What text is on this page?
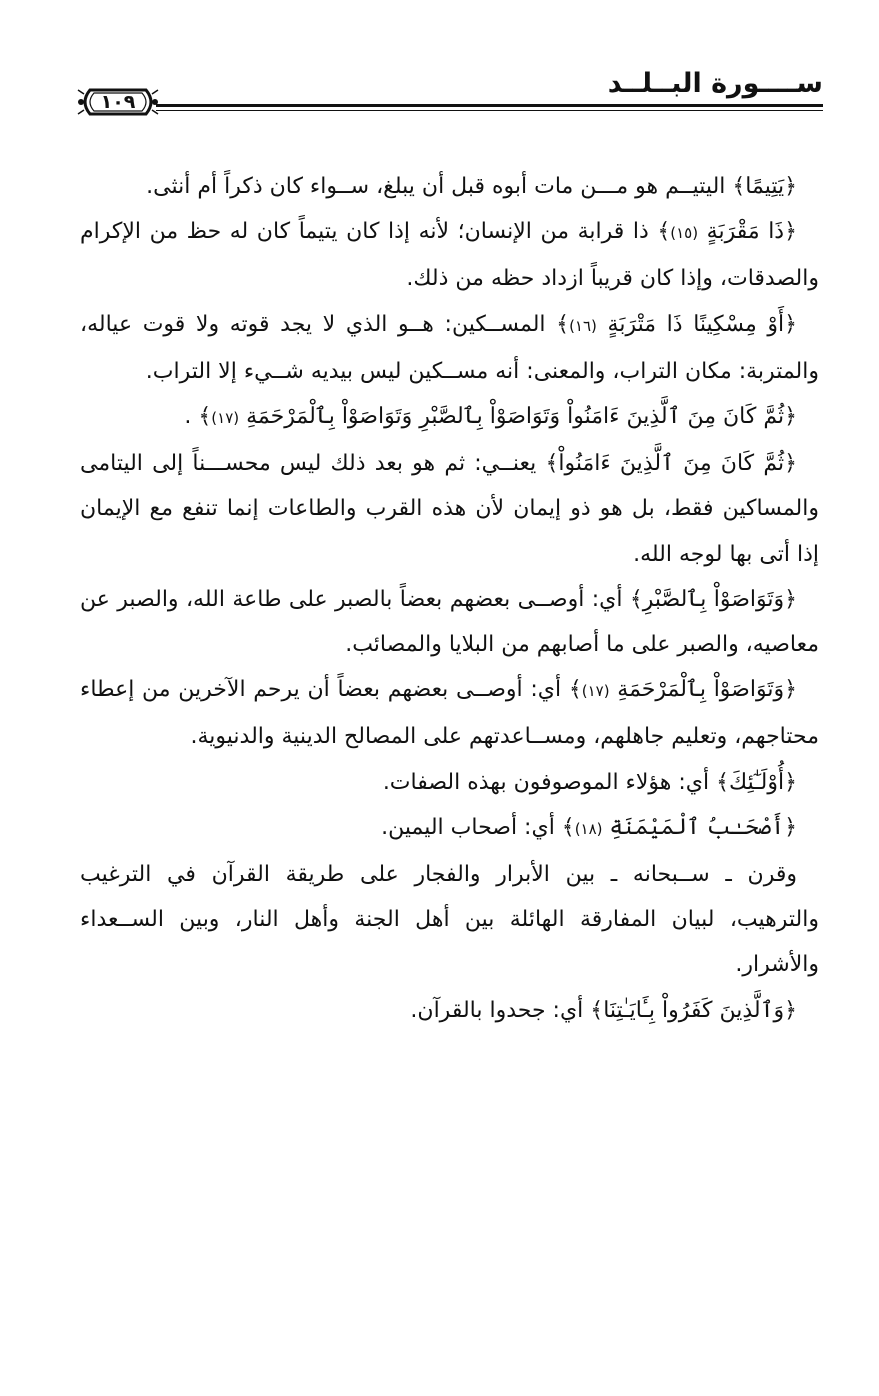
ســــورة البــلــد
١٠٩

﴿يَتِيمًا﴾ اليتيــم هو مـــن مات أبوه قبل أن يبلغ، ســواء كان ذكراً أم أنثى.

﴿ذَا مَقْرَبَةٍ (١٥)﴾ ذا قرابة من الإنسان؛ لأنه إذا كان يتيماً كان له حظ من الإكرام والصدقات، وإذا كان قريباً ازداد حظه من ذلك.

﴿أَوْ مِسْكِينًا ذَا مَتْرَبَةٍ (١٦)﴾ المســكين: هــو الذي لا يجد قوته ولا قوت عياله، والمتربة: مكان التراب، والمعنى: أنه مســكين ليس بيديه شــيء إلا التراب.

﴿ثُمَّ كَانَ مِنَ ٱلَّذِينَ ءَامَنُواْ وَتَوَاصَوْاْ بِٱلصَّبْرِ وَتَوَاصَوْاْ بِٱلْمَرْحَمَةِ (١٧)﴾ .

﴿ثُمَّ كَانَ مِنَ ٱلَّذِينَ ءَامَنُواْ﴾ يعنــي: ثم هو بعد ذلك ليس محســـناً إلى اليتامى والمساكين فقط، بل هو ذو إيمان لأن هذه القرب والطاعات إنما تنفع مع الإيمان إذا أتى بها لوجه الله.

﴿وَتَوَاصَوْاْ بِٱلصَّبْرِ﴾ أي: أوصــى بعضهم بعضاً بالصبر على طاعة الله، والصبر عن معاصيه، والصبر على ما أصابهم من البلايا والمصائب.

﴿وَتَوَاصَوْاْ بِٱلْمَرْحَمَةِ (١٧)﴾ أي: أوصــى بعضهم بعضاً أن يرحم الآخرين من إعطاء محتاجهم، وتعليم جاهلهم، ومســاعدتهم على المصالح الدينية والدنيوية.

﴿أُوْلَـٰٓئِكَ﴾ أي: هؤلاء الموصوفون بهذه الصفات.

﴿أَصْحَـٰبُ ٱلْمَيْمَنَةِ (١٨)﴾ أي: أصحاب اليمين.

وقرن ـ ســبحانه ـ بين الأبرار والفجار على طريقة القرآن في الترغيب والترهيب، لبيان المفارقة الهائلة بين أهل الجنة وأهل النار، وبين الســعداء والأشرار.

﴿وَٱلَّذِينَ كَفَرُواْ بِـَٔايَـٰتِنَا﴾ أي: جحدوا بالقرآن.
